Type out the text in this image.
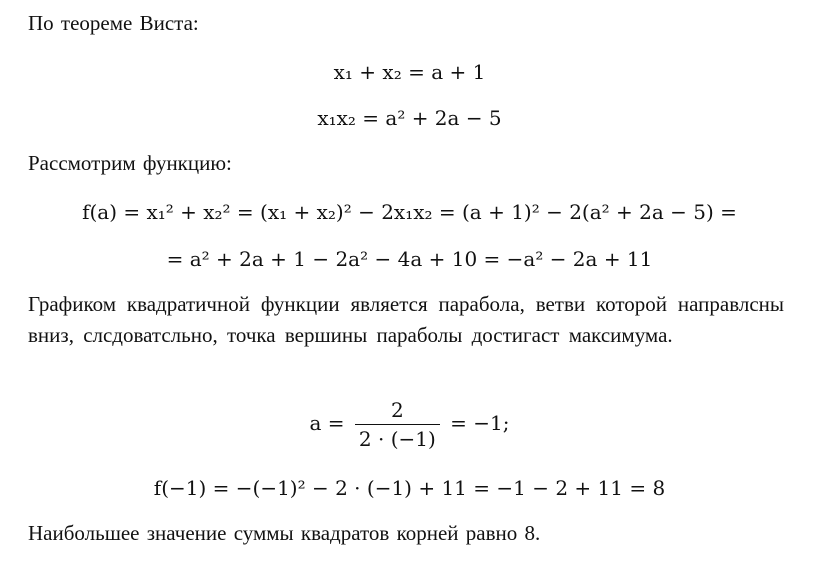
По теореме Виста:
x₁ + x₂ = a + 1
x₁x₂ = a² + 2a − 5
Рассмотрим функцию:
f(a) = x₁² + x₂² = (x₁ + x₂)² − 2x₁x₂ = (a + 1)² − 2(a² + 2a − 5) =
= a² + 2a + 1 − 2a² − 4a + 10 = −a² − 2a + 11
Графиком квадратичной функции является парабола, ветви которой направлсны вниз, слсдоватсльно, точка вершины параболы достигаст максимума.
$a = \frac{2}{2 \cdot (-1)} = -1$;
f(−1) = −(−1)² − 2 · (−1) + 11 = −1 − 2 + 11 = 8
Наибольшее значение суммы квадратов корней равно 8.
